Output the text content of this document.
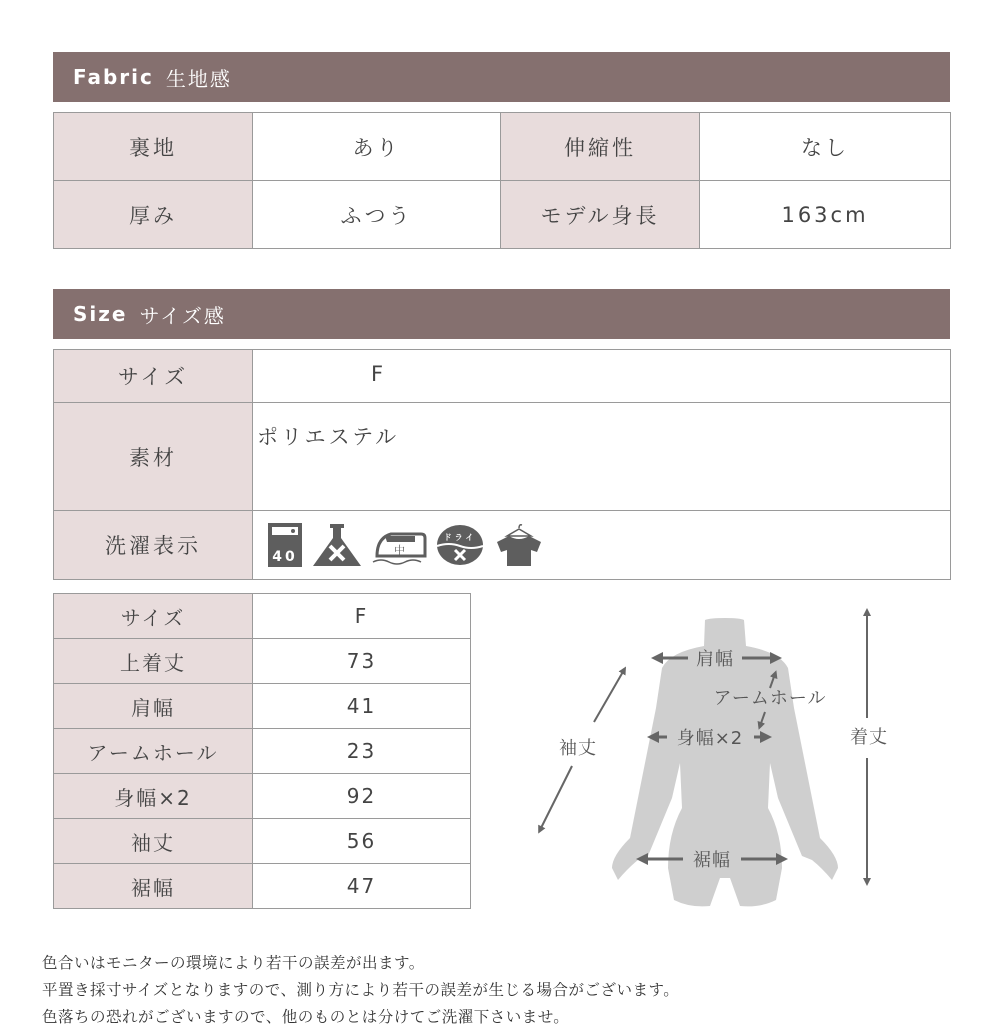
Fabric 生地感
裏地	あり	伸縮性	なし
厚み	ふつう	モデル身長	163cm
Size サイズ感
サイズ	F
素材	ポリエステル
洗濯表示	40 中
ドライ
サイズ	F
上着丈	73
肩幅	41
アームホール	23
身幅×2	92
袖丈	56
裾幅	47
肩幅
アームホール
身幅×2
袖丈
着丈
裾幅
色合いはモニターの環境により若干の誤差が出ます。
平置き採寸サイズとなりますので、測り方により若干の誤差が生じる場合がございます。
色落ちの恐れがございますので、他のものとは分けてご洗濯下さいませ。
